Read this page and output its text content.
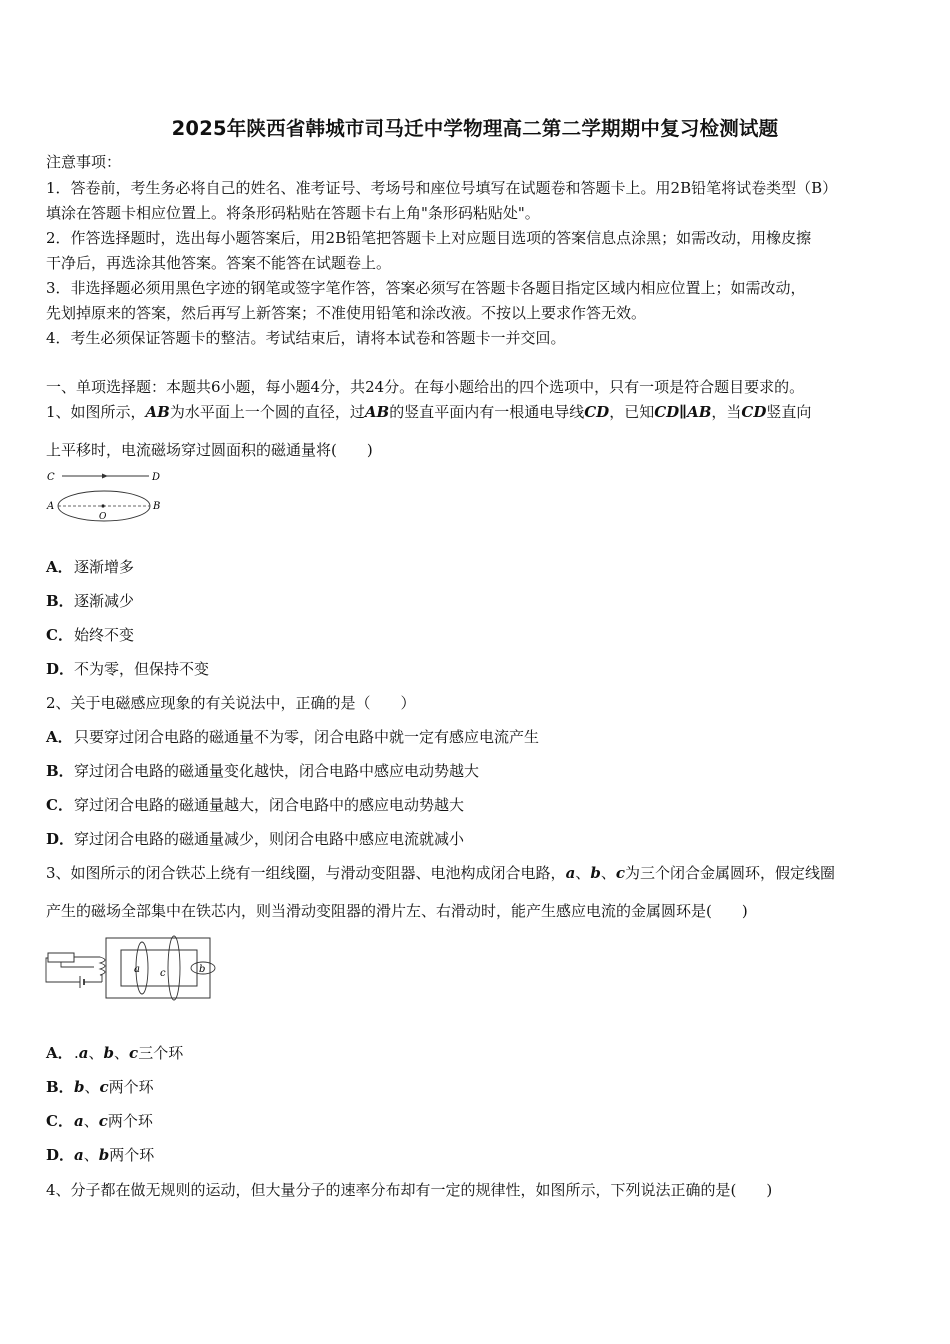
2025年陕西省韩城市司马迁中学物理高二第二学期期中复习检测试题
注意事项：
1．答卷前，考生务必将自己的姓名、准考证号、考场号和座位号填写在试题卷和答题卡上。用2B铅笔将试卷类型（B）
填涂在答题卡相应位置上。将条形码粘贴在答题卡右上角"条形码粘贴处"。
2．作答选择题时，选出每小题答案后，用2B铅笔把答题卡上对应题目选项的答案信息点涂黑；如需改动，用橡皮擦
干净后，再选涂其他答案。答案不能答在试题卷上。
3．非选择题必须用黑色字迹的钢笔或签字笔作答，答案必须写在答题卡各题目指定区域内相应位置上；如需改动，
先划掉原来的答案，然后再写上新答案；不准使用铅笔和涂改液。不按以上要求作答无效。
4．考生必须保证答题卡的整洁。考试结束后，请将本试卷和答题卡一并交回。
一、单项选择题：本题共6小题，每小题4分，共24分。在每小题给出的四个选项中，只有一项是符合题目要求的。
1、如图所示，AB为水平面上一个圆的直径，过AB的竖直平面内有一根通电导线CD，已知CD∥AB，当CD竖直向
上平移时，电流磁场穿过圆面积的磁通量将(　　)
C	D
A	B
O
A．逐渐增多
B．逐渐减少
C．始终不变
D．不为零，但保持不变
2、关于电磁感应现象的有关说法中，正确的是（　　）
A．只要穿过闭合电路的磁通量不为零，闭合电路中就一定有感应电流产生
B．穿过闭合电路的磁通量变化越快，闭合电路中感应电动势越大
C．穿过闭合电路的磁通量越大，闭合电路中的感应电动势越大
D．穿过闭合电路的磁通量减少，则闭合电路中感应电流就减小
3、如图所示的闭合铁芯上绕有一组线圈，与滑动变阻器、电池构成闭合电路，a、b、c为三个闭合金属圆环，假定线圈
产生的磁场全部集中在铁芯内，则当滑动变阻器的滑片左、右滑动时，能产生感应电流的金属圆环是(　　)
a c	b
A．.a、b、c三个环
B．b、c两个环
C．a、c两个环
D．a、b两个环
4、分子都在做无规则的运动，但大量分子的速率分布却有一定的规律性，如图所示，下列说法正确的是(　　)
